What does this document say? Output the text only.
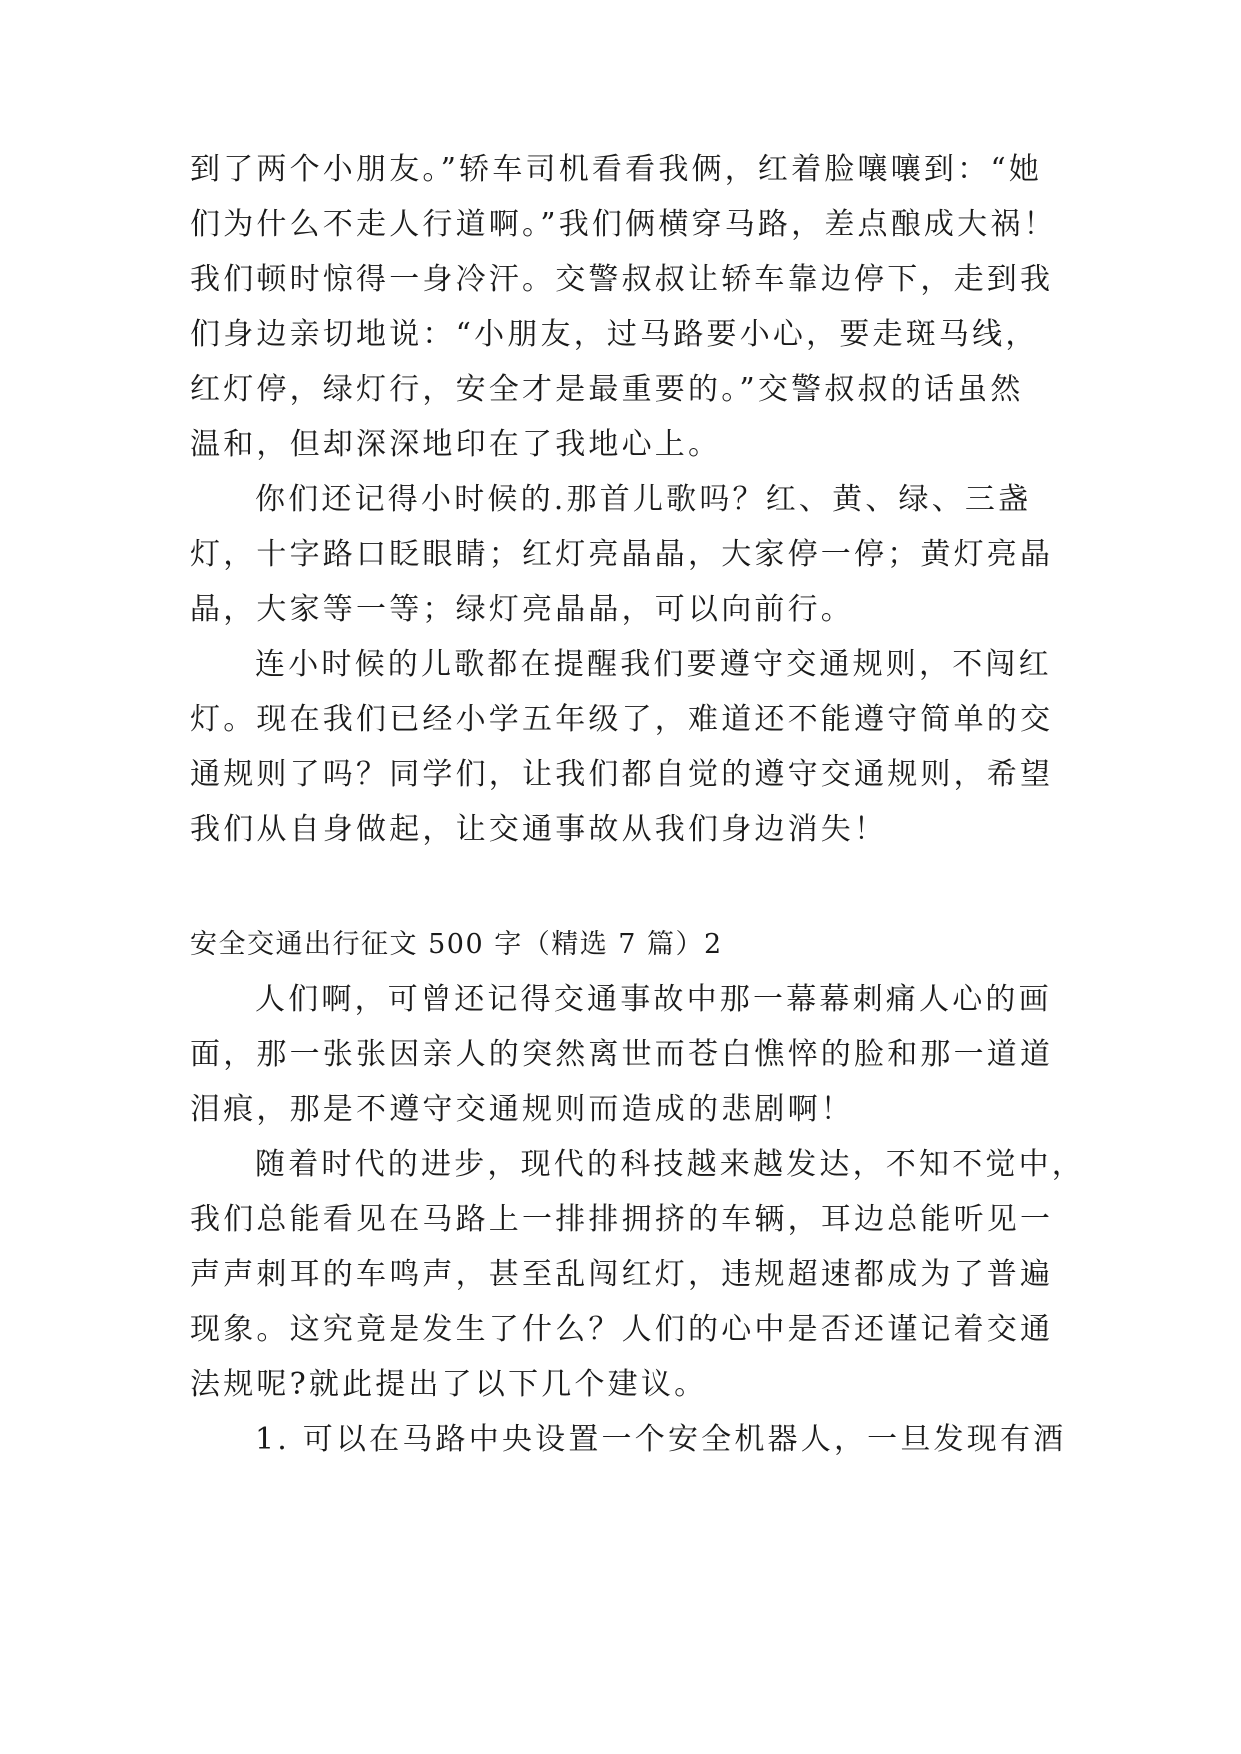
到了两个小朋友。”轿车司机看看我俩，红着脸嚷嚷到：“她
们为什么不走人行道啊。”我们俩横穿马路，差点酿成大祸！
我们顿时惊得一身冷汗。交警叔叔让轿车靠边停下，走到我
们身边亲切地说：“小朋友，过马路要小心，要走斑马线，
红灯停，绿灯行，安全才是最重要的。”交警叔叔的话虽然
温和，但却深深地印在了我地心上。
你们还记得小时候的.那首儿歌吗？红、黄、绿、三盏
灯，十字路口眨眼睛；红灯亮晶晶，大家停一停；黄灯亮晶
晶，大家等一等；绿灯亮晶晶，可以向前行。
连小时候的儿歌都在提醒我们要遵守交通规则，不闯红
灯。现在我们已经小学五年级了，难道还不能遵守简单的交
通规则了吗？同学们，让我们都自觉的遵守交通规则，希望
我们从自身做起，让交通事故从我们身边消失！
安全交通出行征文 500 字（精选 7 篇）2
人们啊，可曾还记得交通事故中那一幕幕刺痛人心的画
面，那一张张因亲人的突然离世而苍白憔悴的脸和那一道道
泪痕，那是不遵守交通规则而造成的悲剧啊！
随着时代的进步，现代的科技越来越发达，不知不觉中，
我们总能看见在马路上一排排拥挤的车辆，耳边总能听见一
声声刺耳的车鸣声，甚至乱闯红灯，违规超速都成为了普遍
现象。这究竟是发生了什么？人们的心中是否还谨记着交通
法规呢?就此提出了以下几个建议。
1. 可以在马路中央设置一个安全机器人，一旦发现有酒
